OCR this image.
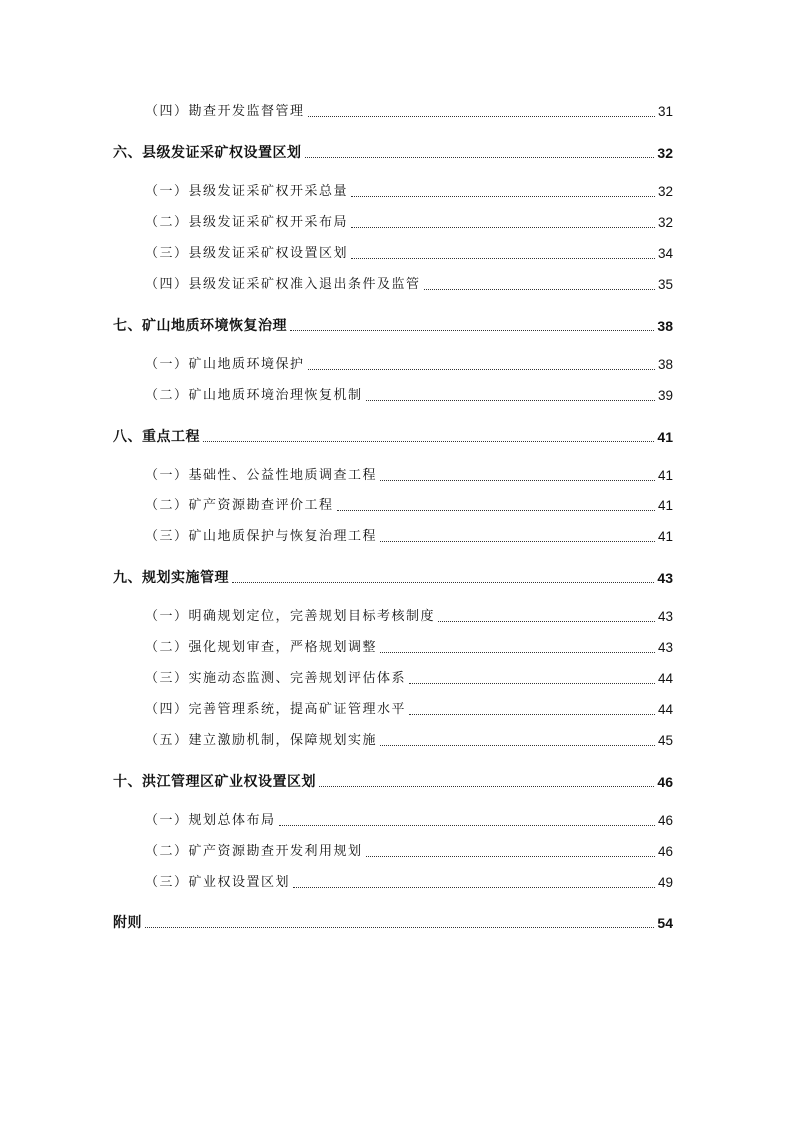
（四）勘查开发监督管理	31
六、县级发证采矿权设置区划	32
（一）县级发证采矿权开采总量	32
（二）县级发证采矿权开采布局	32
（三）县级发证采矿权设置区划	34
（四）县级发证采矿权准入退出条件及监管	35
七、矿山地质环境恢复治理	38
（一）矿山地质环境保护	38
（二）矿山地质环境治理恢复机制	39
八、重点工程	41
（一）基础性、公益性地质调查工程	41
（二）矿产资源勘查评价工程	41
（三）矿山地质保护与恢复治理工程	41
九、规划实施管理	43
（一）明确规划定位，完善规划目标考核制度	43
（二）强化规划审查，严格规划调整	43
（三）实施动态监测、完善规划评估体系	44
（四）完善管理系统，提高矿证管理水平	44
（五）建立激励机制，保障规划实施	45
十、洪江管理区矿业权设置区划	46
（一）规划总体布局	46
（二）矿产资源勘查开发利用规划	46
（三）矿业权设置区划	49
附则	54
